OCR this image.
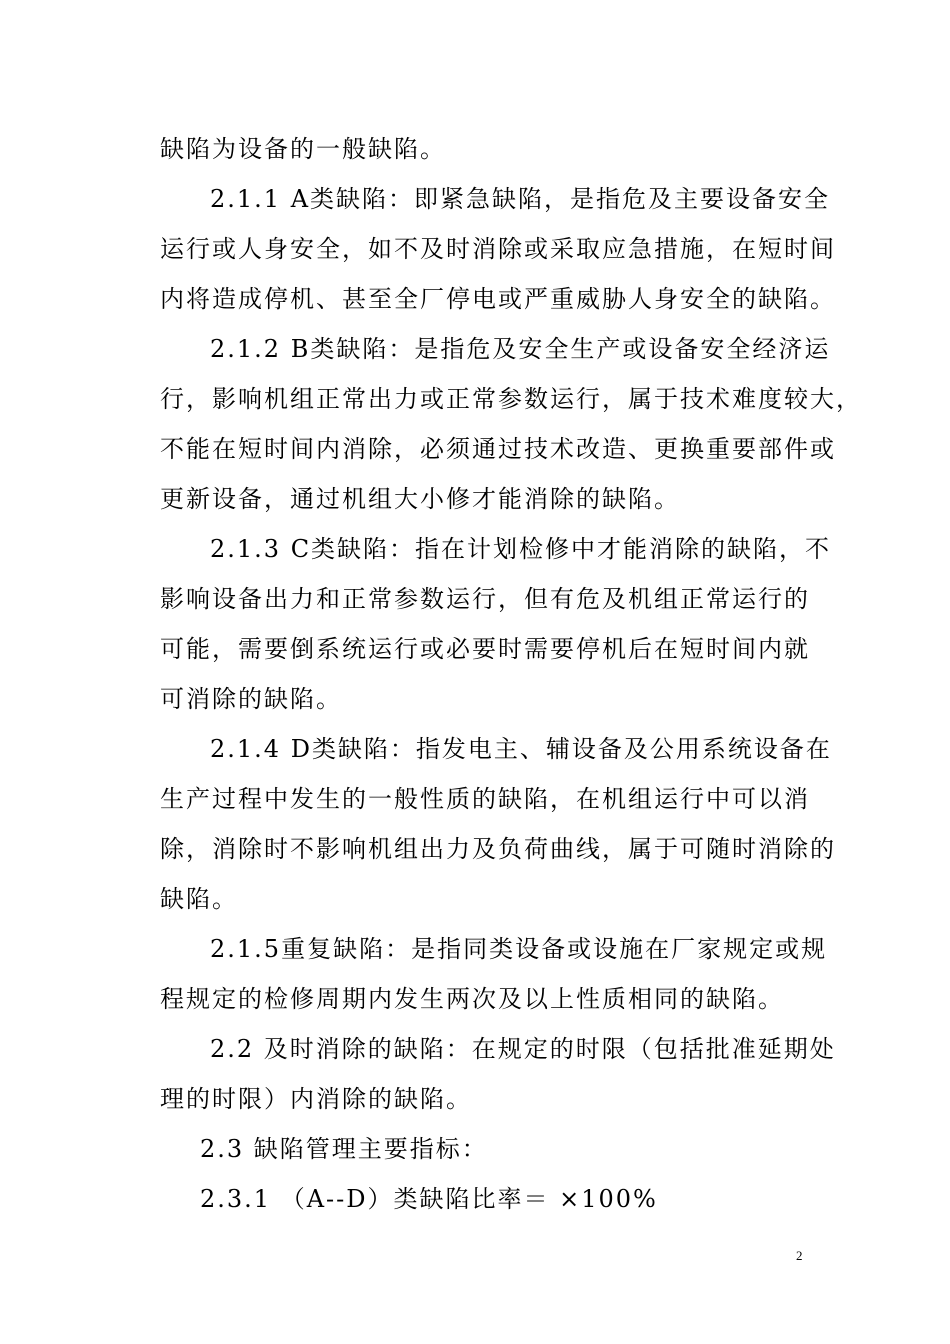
缺陷为设备的一般缺陷。
2.1.1 A类缺陷：即紧急缺陷，是指危及主要设备安全
运行或人身安全，如不及时消除或采取应急措施，在短时间
内将造成停机、甚至全厂停电或严重威胁人身安全的缺陷。
2.1.2 B类缺陷：是指危及安全生产或设备安全经济运
行，影响机组正常出力或正常参数运行，属于技术难度较大，
不能在短时间内消除，必须通过技术改造、更换重要部件或
更新设备，通过机组大小修才能消除的缺陷。
2.1.3 C类缺陷：指在计划检修中才能消除的缺陷，不
影响设备出力和正常参数运行，但有危及机组正常运行的
可能，需要倒系统运行或必要时需要停机后在短时间内就
可消除的缺陷。
2.1.4 D类缺陷：指发电主、辅设备及公用系统设备在
生产过程中发生的一般性质的缺陷，在机组运行中可以消
除，消除时不影响机组出力及负荷曲线，属于可随时消除的
缺陷。
2.1.5重复缺陷：是指同类设备或设施在厂家规定或规
程规定的检修周期内发生两次及以上性质相同的缺陷。
2.2 及时消除的缺陷：在规定的时限（包括批准延期处
理的时限）内消除的缺陷。
2.3 缺陷管理主要指标：
2.3.1 （A--D）类缺陷比率＝ ×100%
2
